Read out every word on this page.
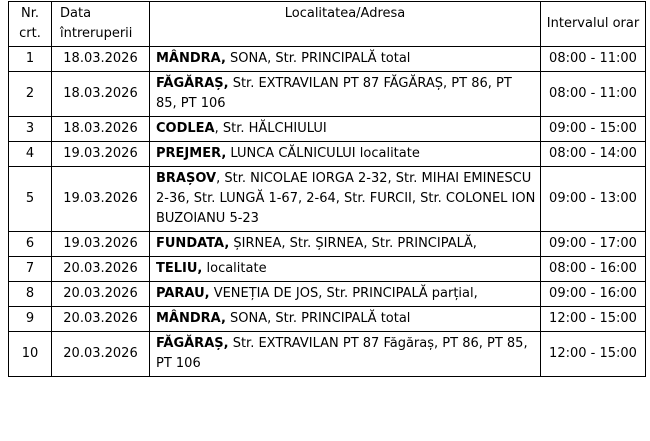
Nr. crt.	Data întreruperii	Localitatea/Adresa	Intervalul orar
1	18.03.2026	MÂNDRA, SONA, Str. PRINCIPALĂ total	08:00 - 11:00
2	18.03.2026	FĂGĂRAȘ, Str. EXTRAVILAN PT 87 FĂGĂRAȘ, PT 86, PT 85, PT 106	08:00 - 11:00
3	18.03.2026	CODLEA, Str. HĂLCHIULUI	09:00 - 15:00
4	19.03.2026	PREJMER, LUNCA CĂLNICULUI localitate	08:00 - 14:00
5	19.03.2026	BRAȘOV, Str. NICOLAE IORGA 2-32, Str. MIHAI EMINESCU 2-36, Str. LUNGĂ 1-67, 2-64, Str. FURCII, Str. COLONEL ION BUZOIANU 5-23	09:00 - 13:00
6	19.03.2026	FUNDATA, ȘIRNEA, Str. ȘIRNEA, Str. PRINCIPALĂ,	09:00 - 17:00
7	20.03.2026	TELIU, localitate	08:00 - 16:00
8	20.03.2026	PARAU, VENEȚIA DE JOS, Str. PRINCIPALĂ parțial,	09:00 - 16:00
9	20.03.2026	MÂNDRA, SONA, Str. PRINCIPALĂ total	12:00 - 15:00
10	20.03.2026	FĂGĂRAȘ, Str. EXTRAVILAN PT 87 Făgăraș, PT 86, PT 85, PT 106	12:00 - 15:00
